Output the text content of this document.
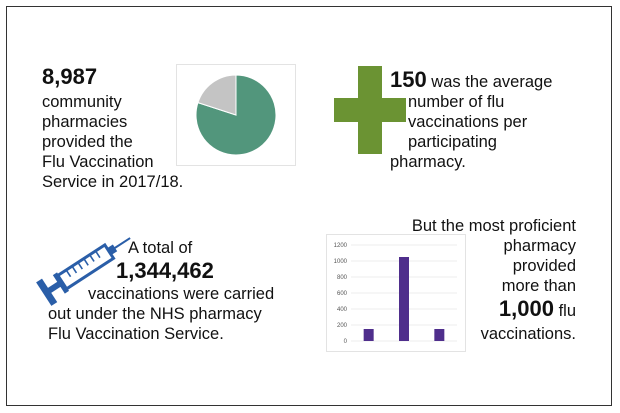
8,987
community
pharmacies
provided the
Flu Vaccination
Service in 2017/18.
150 was the average
number of flu
vaccinations per
participating
pharmacy.
A total of
1,344,462
vaccinations were carried
out under the NHS pharmacy
Flu Vaccination Service.	0
200
400
600
800
1000
1200
But the most proficient
pharmacy
provided
more than
1,000 flu
vaccinations.
